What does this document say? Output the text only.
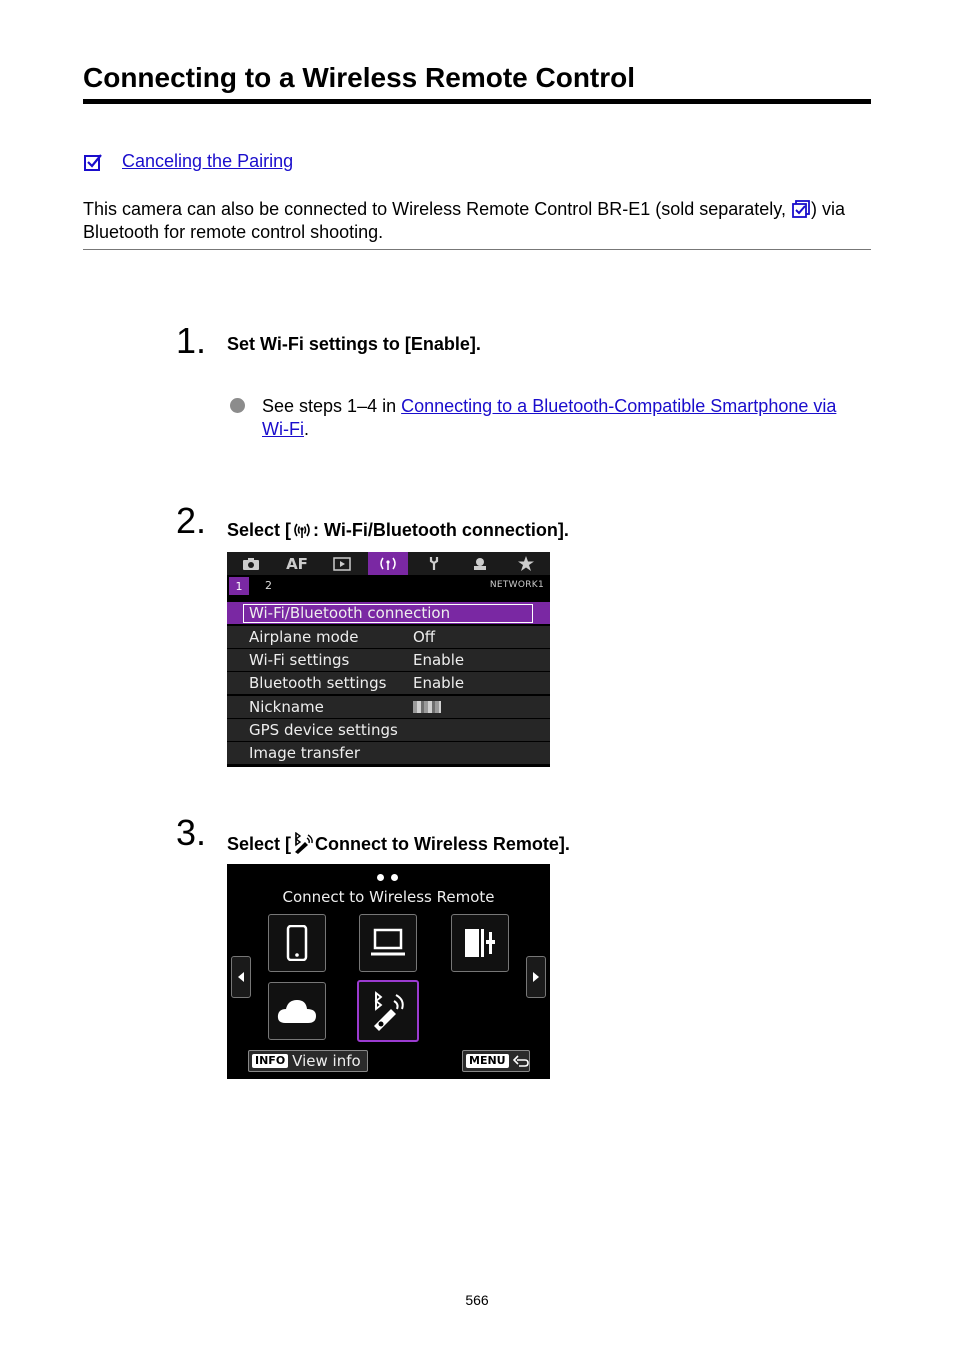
Connecting to a Wireless Remote Control
Canceling the Pairing
This camera can also be connected to Wireless Remote Control BR-E1 (sold separately, ) via Bluetooth for remote control shooting.
1. Set Wi-Fi settings to [Enable].
See steps 1–4 in Connecting to a Bluetooth-Compatible Smartphone via Wi-Fi.
2. Select [ : Wi-Fi/Bluetooth connection].
AF
1	2	NETWORK1
Wi-Fi/Bluetooth connection
Airplane mode	Off
Wi-Fi settings	Enable
Bluetooth settings Enable
Nickname
GPS device settings
Image transfer
3. Select [ Connect to Wireless Remote].
Connect to Wireless Remote
INFO View info	MENU
566
